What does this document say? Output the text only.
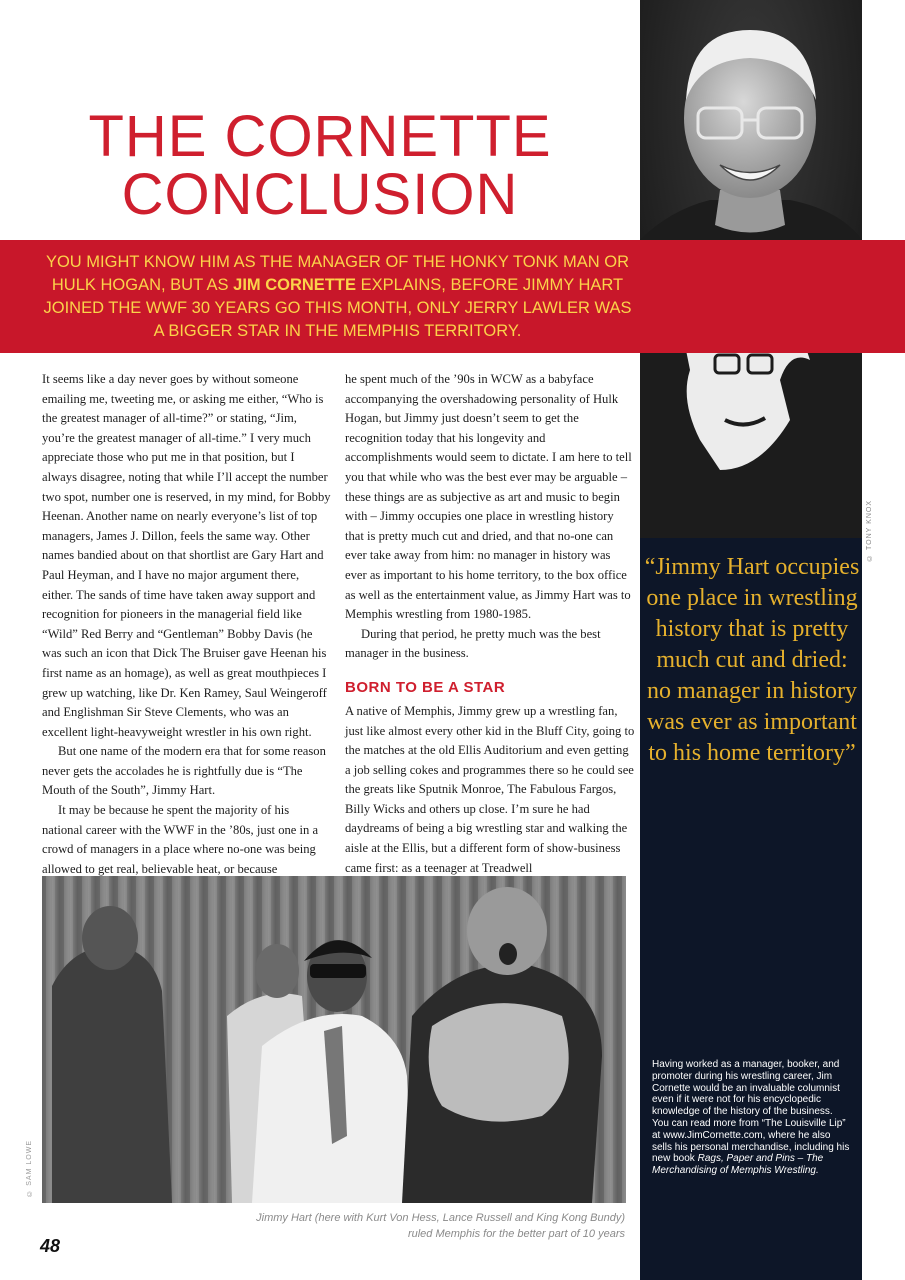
THE CORNETTE
CONCLUSION
© TONY KNOX

YOU MIGHT KNOW HIM AS THE MANAGER OF THE HONKY TONK MAN OR HULK HOGAN, BUT AS JIM CORNETTE EXPLAINS, BEFORE JIMMY HART JOINED THE WWF 30 YEARS GO THIS MONTH, ONLY JERRY LAWLER WAS A BIGGER STAR IN THE MEMPHIS TERRITORY.

It seems like a day never goes by without someone emailing me, tweeting me, or asking me either, “Who is the greatest manager of all-time?” or stating, “Jim, you’re the greatest manager of all-time.” I very much appreciate those who put me in that position, but I always disagree, noting that while I’ll accept the number two spot, number one is reserved, in my mind, for Bobby Heenan. Another name on nearly everyone’s list of top managers, James J. Dillon, feels the same way. Other names bandied about on that shortlist are Gary Hart and Paul Heyman, and I have no major argument there, either. The sands of time have taken away support and recognition for pioneers in the managerial field like “Wild” Red Berry and “Gentleman” Bobby Davis (he was such an icon that Dick The Bruiser gave Heenan his first name as an homage), as well as great mouthpieces I grew up watching, like Dr. Ken Ramey, Saul Weingeroff and Englishman Sir Steve Clements, who was an excellent light-heavyweight wrestler in his own right.

But one name of the modern era that for some reason never gets the accolades he is rightfully due is “The Mouth of the South”, Jimmy Hart.

It may be because he spent the majority of his national career with the WWF in the ’80s, just one in a crowd of managers in a place where no-one was being allowed to get real, believable heat, or because

he spent much of the ’90s in WCW as a babyface accompanying the overshadowing personality of Hulk Hogan, but Jimmy just doesn’t seem to get the recognition today that his longevity and accomplishments would seem to dictate. I am here to tell you that while who was the best ever may be arguable – these things are as subjective as art and music to begin with – Jimmy occupies one place in wrestling history that is pretty much cut and dried, and that no-one can ever take away from him: no manager in history was ever as important to his home territory, to the box office as well as the entertainment value, as Jimmy Hart was to Memphis wrestling from 1980-1985.

During that period, he pretty much was the best manager in the business.

BORN TO BE A STAR

A native of Memphis, Jimmy grew up a wrestling fan, just like almost every other kid in the Bluff City, going to the matches at the old Ellis Auditorium and even getting a job selling cokes and programmes there so he could see the greats like Sputnik Monroe, The Fabulous Fargos, Billy Wicks and others up close. I’m sure he had daydreams of being a big wrestling star and walking the aisle at the Ellis, but a different form of show-business came first: as a teenager at Treadwell

“Jimmy Hart occupies one place in wrestling history that is pretty much cut and dried: no manager in history was ever as important to his home territory”

Having worked as a manager, booker, and promoter during his wrestling career, Jim Cornette would be an invaluable columnist even if it were not for his encyclopedic knowledge of the history of the business. You can read more from “The Louisville Lip” at www.JimCornette.com, where he also sells his personal merchandise, including his new book Rags, Paper and Pins – The Merchandising of Memphis Wrestling.

© SAM LOWE

Jimmy Hart (here with Kurt Von Hess, Lance Russell and King Kong Bundy) ruled Memphis for the better part of 10 years

48
